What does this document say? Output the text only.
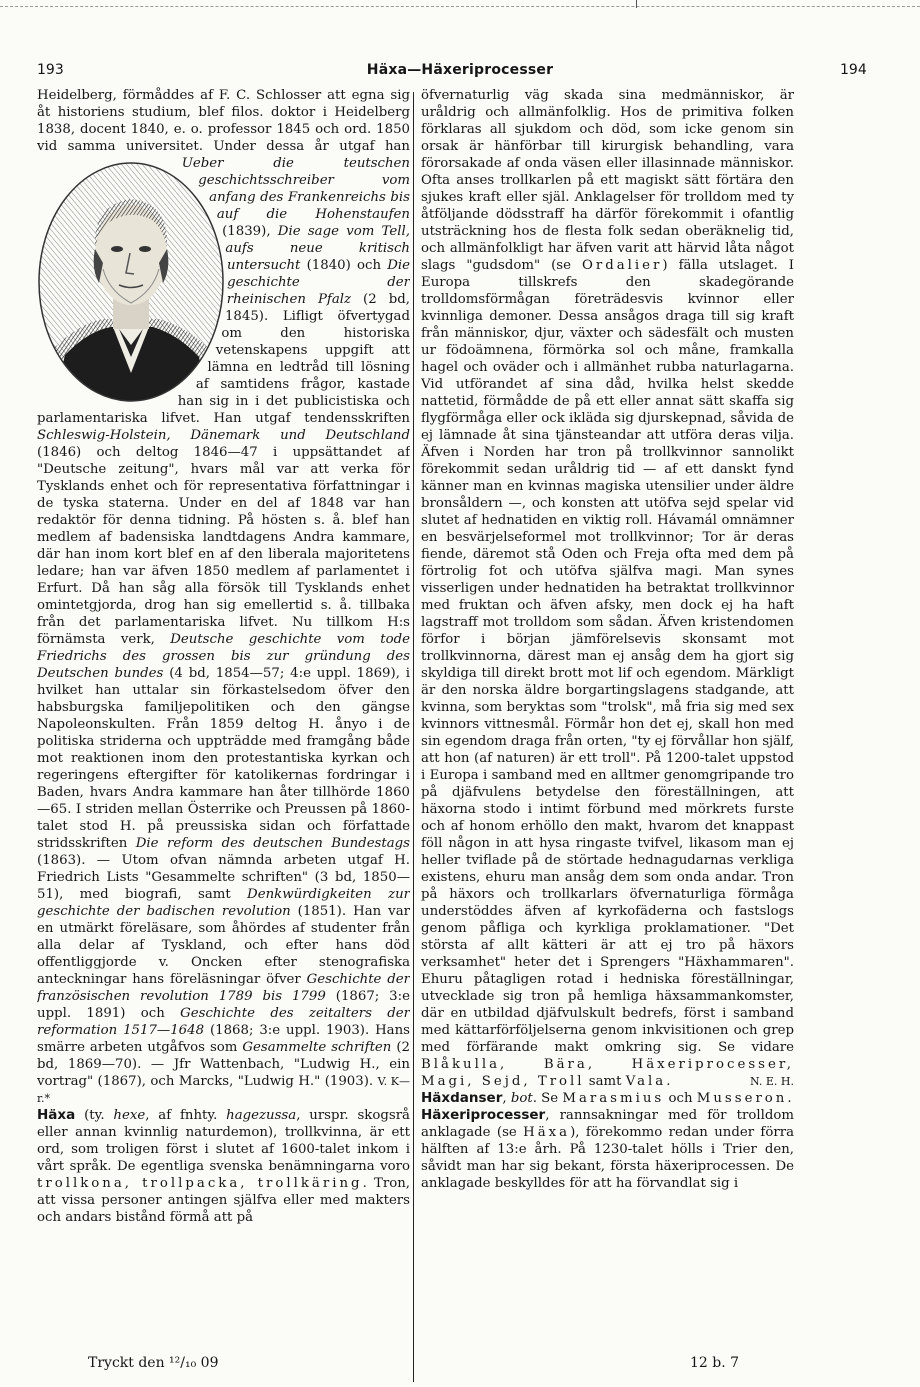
193	Häxa—Häxeriprocesser	194

Heidelberg, förmåddes af F. C. Schlosser att egna sig åt historiens studium, blef filos. doktor i Heidelberg 1838, docent 1840, e. o. professor 1845 och ord. 1850 vid samma universitet. Under dessa år utgaf han
Ueber die teutschen geschichtsschreiber vom anfang des Frankenreichs bis auf die Hohenstaufen (1839), Die sage vom Tell, aufs neue kritisch untersucht (1840) och Die geschichte der rheinischen Pfalz (2 bd, 1845). Lifligt öfvertygad om den historiska vetenskapens uppgift att lämna en ledtråd till lösning af samtidens frågor, kastade han sig in i det publicistiska och parlamentariska lifvet. Han utgaf tendensskriften Schleswig-Holstein, Dänemark und Deutschland (1846) och deltog 1846—47 i uppsättandet af "Deutsche zeitung", hvars mål var att verka för Tysklands enhet och för representativa författningar i de tyska staterna. Under en del af 1848 var han redaktör för denna tidning. På hösten s. å. blef han medlem af badensiska landtdagens Andra kammare, där han inom kort blef en af den liberala majoritetens ledare; han var äfven 1850 medlem af parlamentet i Erfurt. Då han såg alla försök till Tysklands enhet omintetgjorda, drog han sig emellertid s. å. tillbaka från det parlamentariska lifvet. Nu tillkom H:s förnämsta verk, Deutsche geschichte vom tode Friedrichs des grossen bis zur gründung des Deutschen bundes (4 bd, 1854—57; 4:e uppl. 1869), i hvilket han uttalar sin förkastelsedom öfver den habsburgska familjepolitiken och den gängse Napoleonskulten. Från 1859 deltog H. ånyo i de politiska striderna och uppträdde med framgång både mot reaktionen inom den protestantiska kyrkan och regeringens eftergifter för katolikernas fordringar i Baden, hvars Andra kammare han åter tillhörde 1860—65. I striden mellan Österrike och Preussen på 1860-talet stod H. på preussiska sidan och författade stridsskriften Die reform des deutschen Bundestags (1863). — Utom ofvan nämnda arbeten utgaf H. Friedrich Lists "Gesammelte schriften" (3 bd, 1850—51), med biografi, samt Denkwürdigkeiten zur geschichte der badischen revolution (1851). Han var en utmärkt föreläsare, som åhördes af studenter från alla delar af Tyskland, och efter hans död offentliggjorde v. Oncken efter stenografiska anteckningar hans föreläsningar öfver Geschichte der französischen revolution 1789 bis 1799 (1867; 3:e uppl. 1891) och Geschichte des zeitalters der reformation 1517—1648 (1868; 3:e uppl. 1903). Hans smärre arbeten utgåfvos som Gesammelte schriften (2 bd, 1869—70). — Jfr Wattenbach, "Ludwig H., ein vortrag" (1867), och Marcks, "Ludwig H." (1903). V. K—r.*

Häxa (ty. hexe, af fnhty. hagezussa, urspr. skogsrå eller annan kvinnlig naturdemon), trollkvinna, är ett ord, som troligen först i slutet af 1600-talet inkom i vårt språk. De egentliga svenska benämningarna voro trollkona, trollpacka, trollkäring. Tron, att vissa personer antingen själfva eller med makters och andars bistånd förmå att på

öfvernaturlig väg skada sina medmänniskor, är uråldrig och allmänfolklig. Hos de primitiva folken förklaras all sjukdom och död, som icke genom sin orsak är hänförbar till kirurgisk behandling, vara förorsakade af onda väsen eller illasinnade människor. Ofta anses trollkarlen på ett magiskt sätt förtära den sjukes kraft eller själ. Anklagelser för trolldom med ty åtföljande dödsstraff ha därför förekommit i ofantlig utsträckning hos de flesta folk sedan oberäknelig tid, och allmänfolkligt har äfven varit att härvid låta något slags "gudsdom" (se Ordalier) fälla utslaget. I Europa tillskrefs den skadegörande trolldomsförmågan företrädesvis kvinnor eller kvinnliga demoner. Dessa ansågos draga till sig kraft från människor, djur, växter och sädesfält och musten ur födoämnena, förmörka sol och måne, framkalla hagel och oväder och i allmänhet rubba naturlagarna. Vid utförandet af sina dåd, hvilka helst skedde nattetid, förmådde de på ett eller annat sätt skaffa sig flygförmåga eller ock ikläda sig djurskepnad, såvida de ej lämnade åt sina tjänsteandar att utföra deras vilja. Äfven i Norden har tron på trollkvinnor sannolikt förekommit sedan uråldrig tid — af ett danskt fynd känner man en kvinnas magiska utensilier under äldre bronsåldern —, och konsten att utöfva sejd spelar vid slutet af hednatiden en viktig roll. Hávamál omnämner en besvärjelseformel mot trollkvinnor; Tor är deras fiende, däremot stå Oden och Freja ofta med dem på förtrolig fot och utöfva själfva magi. Man synes visserligen under hednatiden ha betraktat trollkvinnor med fruktan och äfven afsky, men dock ej ha haft lagstraff mot trolldom som sådan. Äfven kristendomen förfor i början jämförelsevis skonsamt mot trollkvinnorna, därest man ej ansåg dem ha gjort sig skyldiga till direkt brott mot lif och egendom. Märkligt är den norska äldre borgartingslagens stadgande, att kvinna, som beryktas som "trolsk", må fria sig med sex kvinnors vittnesmål. Förmår hon det ej, skall hon med sin egendom draga från orten, "ty ej förvållar hon själf, att hon (af naturen) är ett troll". På 1200-talet uppstod i Europa i samband med en alltmer genomgripande tro på djäfvulens betydelse den föreställningen, att häxorna stodo i intimt förbund med mörkrets furste och af honom erhöllo den makt, hvarom det knappast föll någon in att hysa ringaste tvifvel, likasom man ej heller tviflade på de störtade hednagudarnas verkliga existens, ehuru man ansåg dem som onda andar. Tron på häxors och trollkarlars öfvernaturliga förmåga understöddes äfven af kyrkofäderna och fastslogs genom påfliga och kyrkliga proklamationer. "Det största af allt kätteri är att ej tro på häxors verksamhet" heter det i Sprengers "Häxhammaren". Ehuru påtagligen rotad i hedniska föreställningar, utvecklade sig tron på hemliga häxsammankomster, där en utbildad djäfvulskult bedrefs, först i samband med kättarförföljelserna genom inkvisitionen och grep med förfärande makt omkring sig. Se vidare Blåkulla, Bära, Häxeriprocesser, Magi, Sejd, Troll samt Vala.	N. E. H.

Häxdanser, bot. Se Marasmius och Musseron.

Häxeriprocesser, rannsakningar med för trolldom anklagade (se Häxa), förekommo redan under förra hälften af 13:e årh. På 1230-talet hölls i Trier den, såvidt man har sig bekant, första häxeriprocessen. De anklagade beskylldes för att ha förvandlat sig i

Tryckt den ¹²/₁₀ 09	12 b. 7
